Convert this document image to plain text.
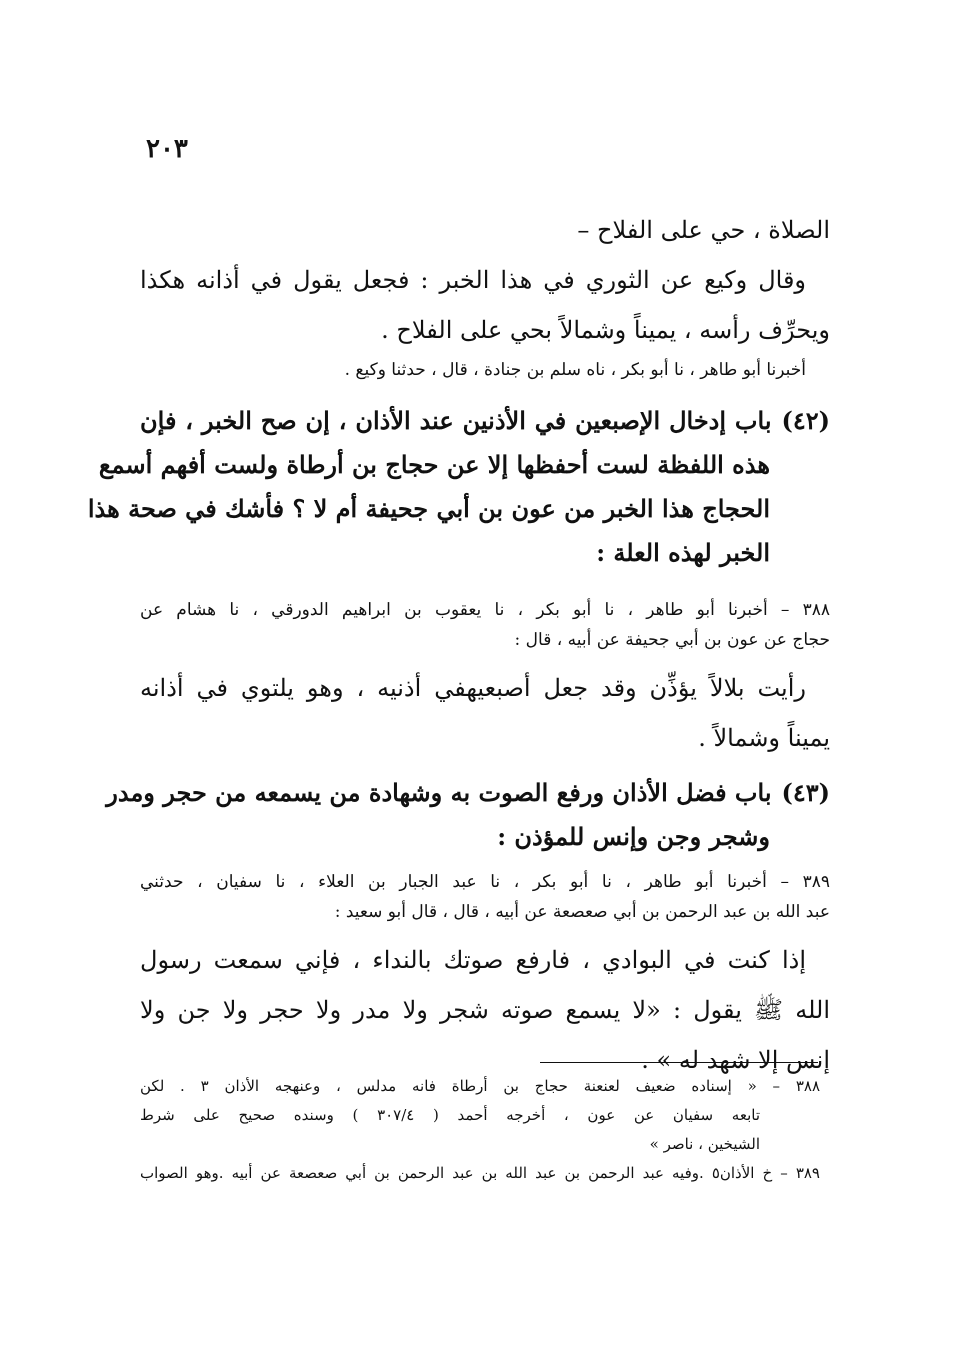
٢٠٣
الصلاة ، حي على الفلاح –
وقال وكيع عن الثوري في هذا الخبر : فجعل يقول في أذانه هكذا
ويحرِّف رأسه ، يميناً وشمالاً بحي على الفلاح .
أخبرنا أبو طاهر ، نا أبو بكر ، ناه سلم بن جنادة ، قال ، حدثنا وكيع .
(٤٢)باب إدخال الإصبعين في الأذنين عند الأذان ، إن صح الخبر ، فإن
هذه اللفظة لست أحفظها إلا عن حجاج بن أرطاة ولست أفهم أسمع
الحجاج هذا الخبر من عون بن أبي جحيفة أم لا ؟ فأشك في صحة هذا
الخبر لهذه العلة :
٣٨٨ – أخبرنا أبو طاهر ، نا أبو بكر ، نا يعقوب بن ابراهيم الدورقي ، نا هشام عن
حجاج عن عون بن أبي جحيفة عن أبيه ، قال :
رأيت بلالاً يؤذِّن وقد جعل أصبعيهفي أذنيه ، وهو يلتوي في أذانه
يميناً وشمالاً .
(٤٣)باب فضل الأذان ورفع الصوت به وشهادة من يسمعه من حجر ومدر
وشجر وجن وإنس للمؤذن :
٣٨٩ – أخبرنا أبو طاهر ، نا أبو بكر ، نا عبد الجبار بن العلاء ، نا سفيان ، حدثني
عبد الله بن عبد الرحمن بن أبي صعصعة عن أبيه ، قال ، قال أبو سعيد :
إذا كنت في البوادي ، فارفع صوتك بالنداء ، فإني سمعت رسول
الله ﷺ يقول : «لا يسمع صوته شجر ولا مدر ولا حجر ولا جن ولا
إنس إلا شهد له » .
٣٨٨ – « إسناده ضعيف لعنعنة حجاج بن أرطاة فانه مدلس ، وعنهجه الأذان ٣ . لكن
تابعه سفيان عن عون ، أخرجه أحمد ( ٣٠٧/٤ ) وسنده صحيح على شرط
الشيخين ، ناصر »
٣٨٩ – خ الأذان٥ .وفيه عبد الرحمن بن عبد الله بن عبد الرحمن بن أبي صعصعة عن أبيه .وهو الصواب
